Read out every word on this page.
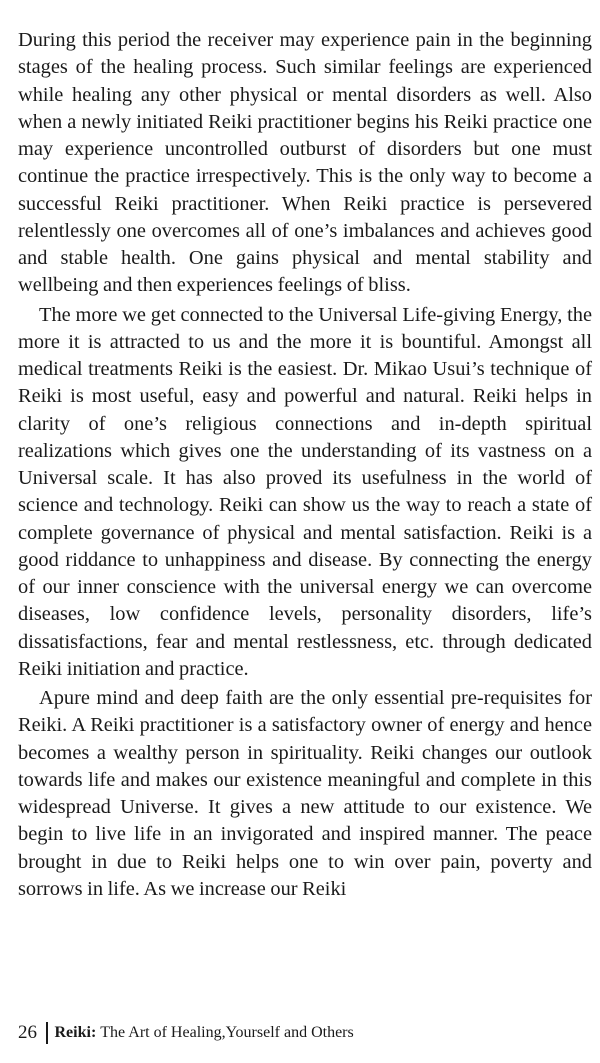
During this period the receiver may experience pain in the beginning stages of the healing process. Such similar feelings are experienced while healing any other physical or mental disorders as well. Also when a newly initiated Reiki practitioner begins his Reiki practice one may experience uncontrolled outburst of disorders but one must continue the practice irrespectively. This is the only way to become a successful Reiki practitioner. When Reiki practice is persevered relentlessly one overcomes all of one’s imbalances and achieves good and stable health. One gains physical and mental stability and wellbeing and then experiences feelings of bliss.

The more we get connected to the Universal Life-giving Energy, the more it is attracted to us and the more it is bountiful. Amongst all medical treatments Reiki is the easiest. Dr. Mikao Usui’s technique of Reiki is most useful, easy and powerful and natural. Reiki helps in clarity of one’s religious connections and in-depth spiritual realizations which gives one the understanding of its vastness on a Universal scale. It has also proved its usefulness in the world of science and technology. Reiki can show us the way to reach a state of complete governance of physical and mental satisfaction. Reiki is a good riddance to unhappiness and disease. By connecting the energy of our inner conscience with the universal energy we can overcome diseases, low confidence levels, personality disorders, life’s dissatisfactions, fear and mental restlessness, etc. through dedicated Reiki initiation and practice.

Apure mind and deep faith are the only essential pre-requisites for Reiki. A Reiki practitioner is a satisfactory owner of energy and hence becomes a wealthy person in spirituality. Reiki changes our outlook towards life and makes our existence meaningful and complete in this widespread Universe. It gives a new attitude to our existence. We begin to live life in an invigorated and inspired manner. The peace brought in due to Reiki helps one to win over pain, poverty and sorrows in life. As we increase our Reiki

26 Reiki: The Art of Healing,Yourself and Others
